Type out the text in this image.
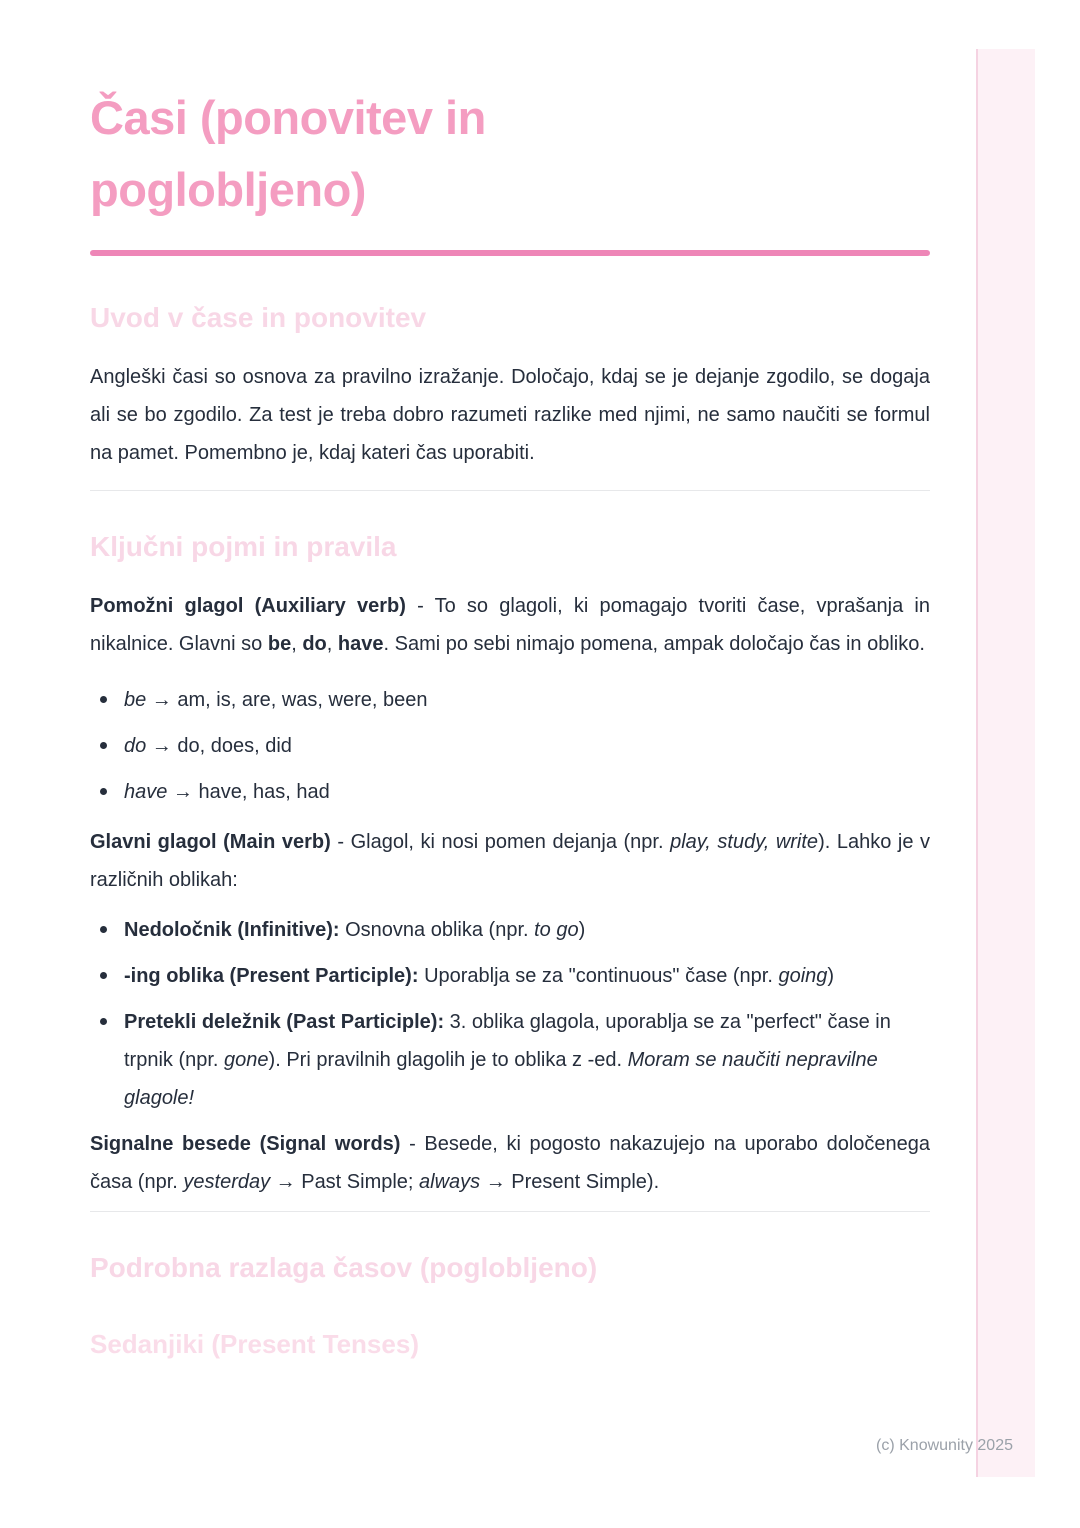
Časi (ponovitev in poglobljeno)
Uvod v čase in ponovitev

Angleški časi so osnova za pravilno izražanje. Določajo, kdaj se je dejanje zgodilo, se dogaja ali se bo zgodilo. Za test je treba dobro razumeti razlike med njimi, ne samo naučiti se formul na pamet. Pomembno je, kdaj kateri čas uporabiti.

Ključni pojmi in pravila

Pomožni glagol (Auxiliary verb) - To so glagoli, ki pomagajo tvoriti čase, vprašanja in nikalnice. Glavni so be, do, have. Sami po sebi nimajo pomena, ampak določajo čas in obliko.

be → am, is, are, was, were, been
do → do, does, did
have → have, has, had

Glavni glagol (Main verb) - Glagol, ki nosi pomen dejanja (npr. play, study, write). Lahko je v različnih oblikah:

Nedoločnik (Infinitive): Osnovna oblika (npr. to go)
-ing oblika (Present Participle): Uporablja se za "continuous" čase (npr. going)
Pretekli deležnik (Past Participle): 3. oblika glagola, uporablja se za "perfect" čase in trpnik (npr. gone). Pri pravilnih glagolih je to oblika z -ed. Moram se naučiti nepravilne glagole!

Signalne besede (Signal words) - Besede, ki pogosto nakazujejo na uporabo določenega časa (npr. yesterday → Past Simple; always → Present Simple).

Podrobna razlaga časov (poglobljeno)
Sedanjiki (Present Tenses)
(c) Knowunity 2025
